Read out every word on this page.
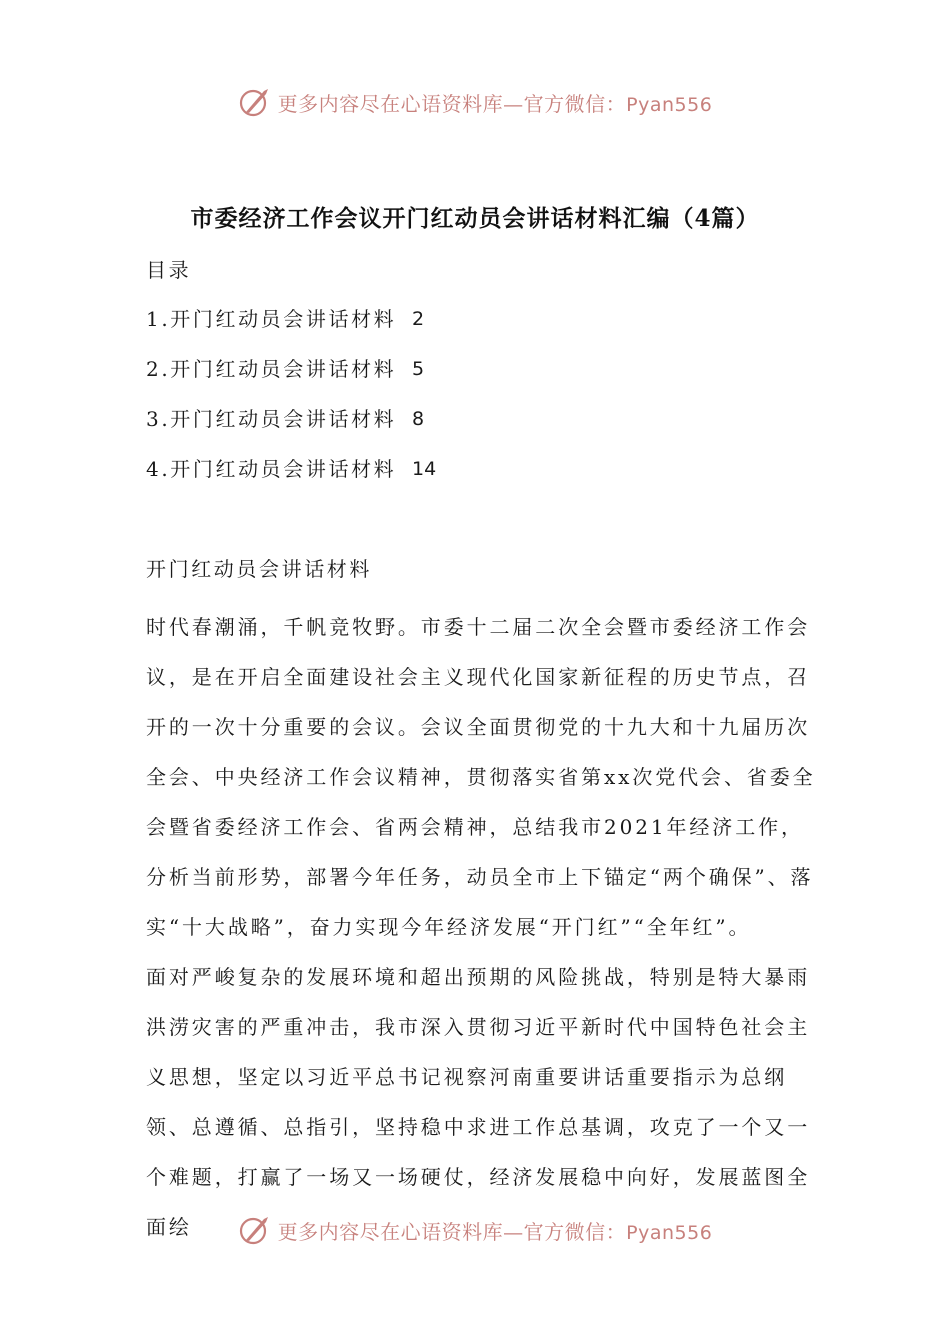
更多内容尽在心语资料库—官方微信：Pyan556
市委经济工作会议开门红动员会讲话材料汇编（4篇）
目录
1.开门红动员会讲话材料 2
2.开门红动员会讲话材料 5
3.开门红动员会讲话材料 8
4.开门红动员会讲话材料 14
开门红动员会讲话材料

时代春潮涌，千帆竞牧野。市委十二届二次全会暨市委经济工作会议，是在开启全面建设社会主义现代化国家新征程的历史节点，召开的一次十分重要的会议。会议全面贯彻党的十九大和十九届历次全会、中央经济工作会议精神，贯彻落实省第xx次党代会、省委全会暨省委经济工作会、省两会精神，总结我市2021年经济工作，分析当前形势，部署今年任务，动员全市上下锚定“两个确保”、落实“十大战略”，奋力实现今年经济发展“开门红”“全年红”。

面对严峻复杂的发展环境和超出预期的风险挑战，特别是特大暴雨洪涝灾害的严重冲击，我市深入贯彻习近平新时代中国特色社会主义思想，坚定以习近平总书记视察河南重要讲话重要指示为总纲领、总遵循、总指引，坚持稳中求进工作总基调，攻克了一个又一个难题，打赢了一场又一场硬仗，经济发展稳中向好，发展蓝图全面绘	更多内容尽在心语资料库—官方微信：Pyan556
